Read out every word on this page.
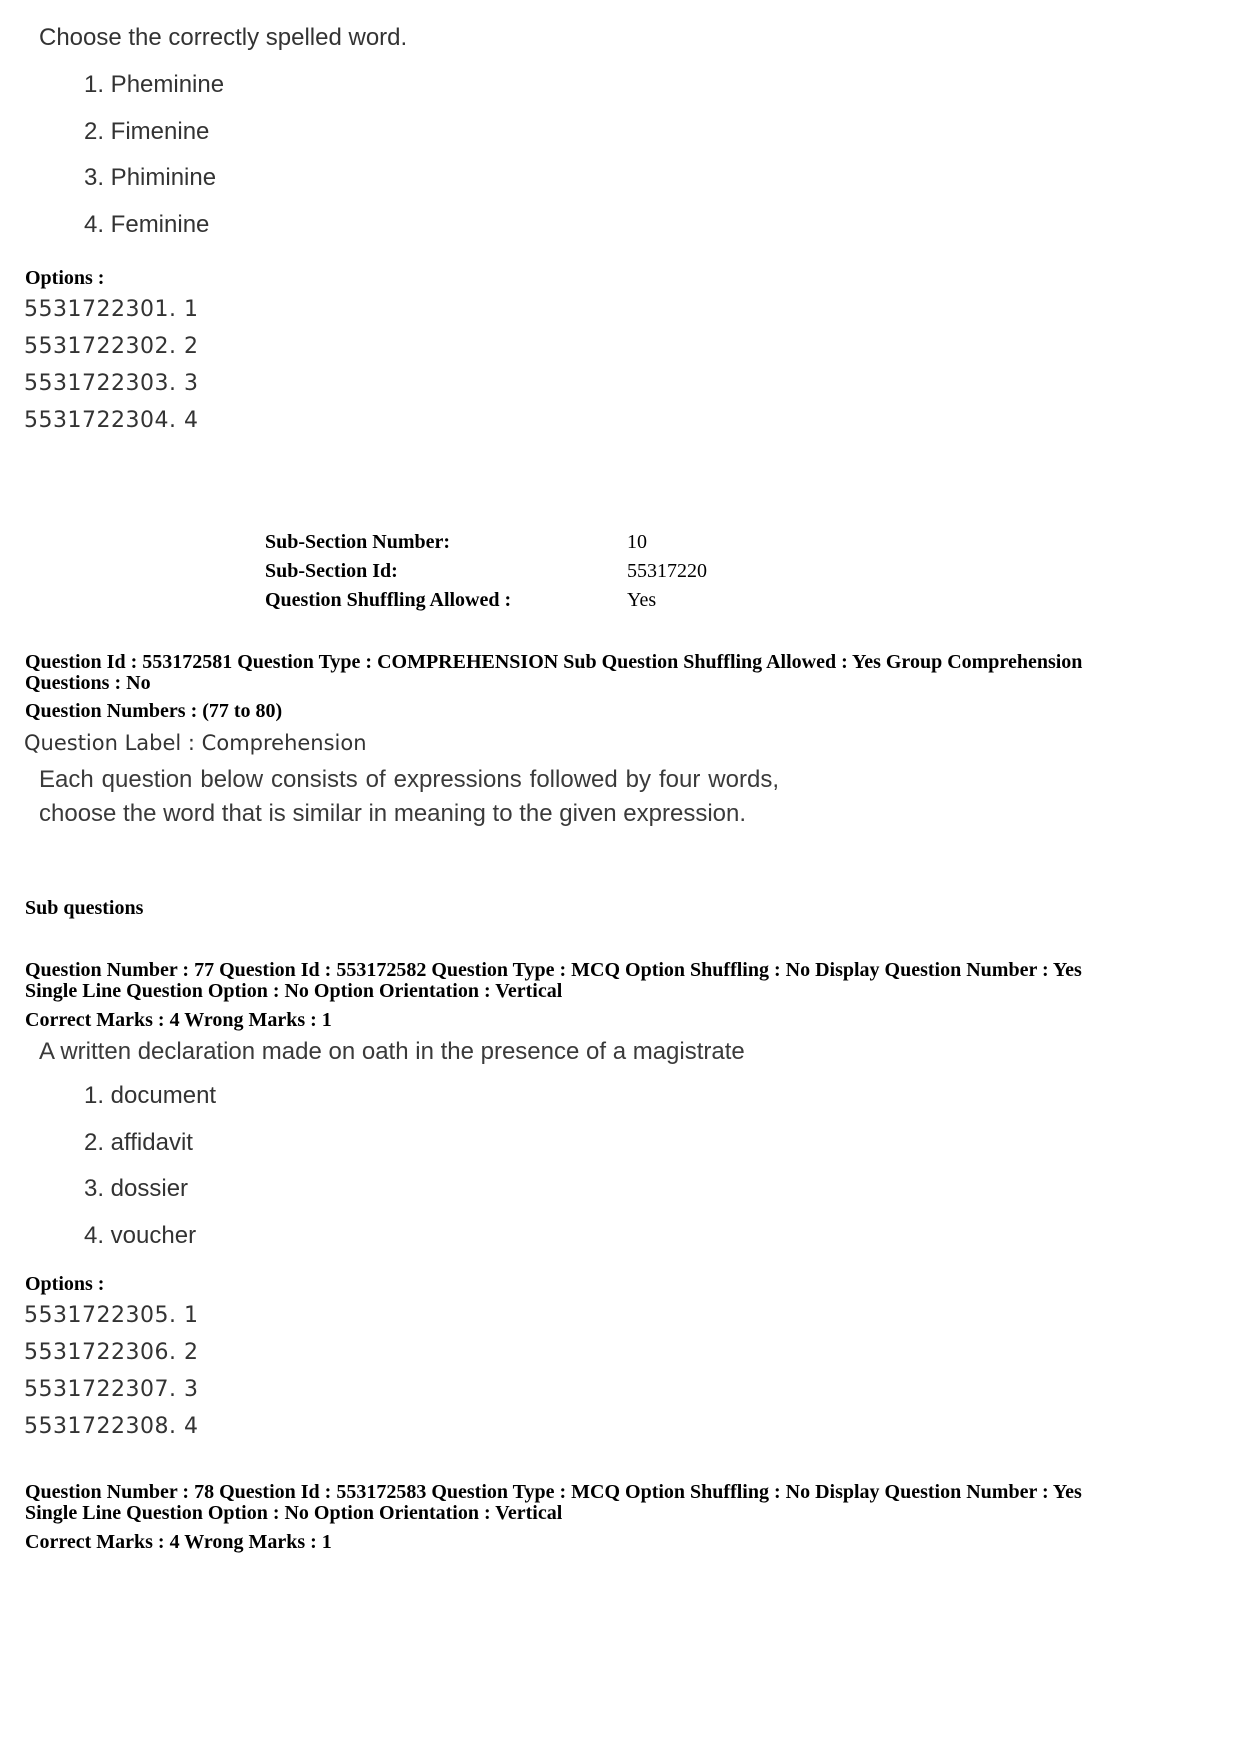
Choose the correctly spelled word.
1. Pheminine
2. Fimenine
3. Phiminine
4. Feminine
Options :
5531722301. 1
5531722302. 2
5531722303. 3
5531722304. 4
Sub-Section Number:	10
Sub-Section Id:	55317220
Question Shuffling Allowed :	Yes
Question Id : 553172581 Question Type : COMPREHENSION Sub Question Shuffling Allowed : Yes Group Comprehension
Questions : No
Question Numbers : (77 to 80)
Question Label : Comprehension
Each question below consists of expressions followed by four words, choose the word that is similar in meaning to the given expression.
Sub questions
Question Number : 77 Question Id : 553172582 Question Type : MCQ Option Shuffling : No Display Question Number : Yes
Single Line Question Option : No Option Orientation : Vertical
Correct Marks : 4 Wrong Marks : 1
A written declaration made on oath in the presence of a magistrate
1. document
2. affidavit
3. dossier
4. voucher
Options :
5531722305. 1
5531722306. 2
5531722307. 3
5531722308. 4
Question Number : 78 Question Id : 553172583 Question Type : MCQ Option Shuffling : No Display Question Number : Yes
Single Line Question Option : No Option Orientation : Vertical
Correct Marks : 4 Wrong Marks : 1
